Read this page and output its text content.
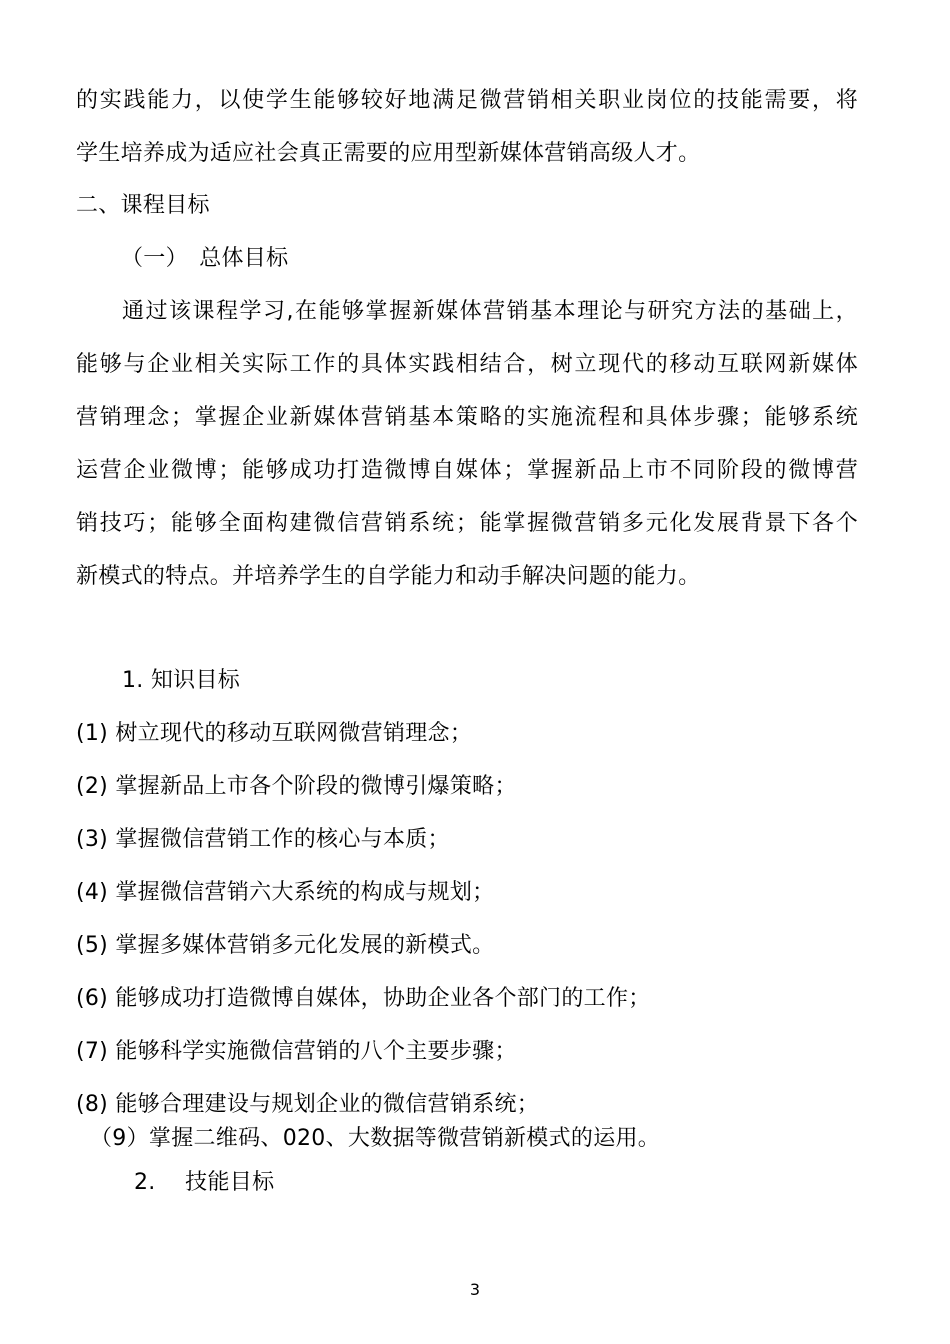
的实践能力，以使学生能够较好地满足微营销相关职业岗位的技能需要，将
学生培养成为适应社会真正需要的应用型新媒体营销高级人才。
二、课程目标
（一）　总体目标
通过该课程学习,在能够掌握新媒体营销基本理论与研究方法的基础上，
能够与企业相关实际工作的具体实践相结合，树立现代的移动互联网新媒体
营销理念；掌握企业新媒体营销基本策略的实施流程和具体步骤；能够系统
运营企业微博；能够成功打造微博自媒体；掌握新品上市不同阶段的微博营
销技巧；能够全面构建微信营销系统；能掌握微营销多元化发展背景下各个
新模式的特点。并培养学生的自学能力和动手解决问题的能力。
1. 知识目标
(1) 树立现代的移动互联网微营销理念；
(2) 掌握新品上市各个阶段的微博引爆策略；
(3) 掌握微信营销工作的核心与本质；
(4) 掌握微信营销六大系统的构成与规划；
(5) 掌握多媒体营销多元化发展的新模式。
(6) 能够成功打造微博自媒体，协助企业各个部门的工作；
(7) 能够科学实施微信营销的八个主要步骤；
(8) 能够合理建设与规划企业的微信营销系统；
（9）掌握二维码、020、大数据等微营销新模式的运用。
2.　 技能目标
3
